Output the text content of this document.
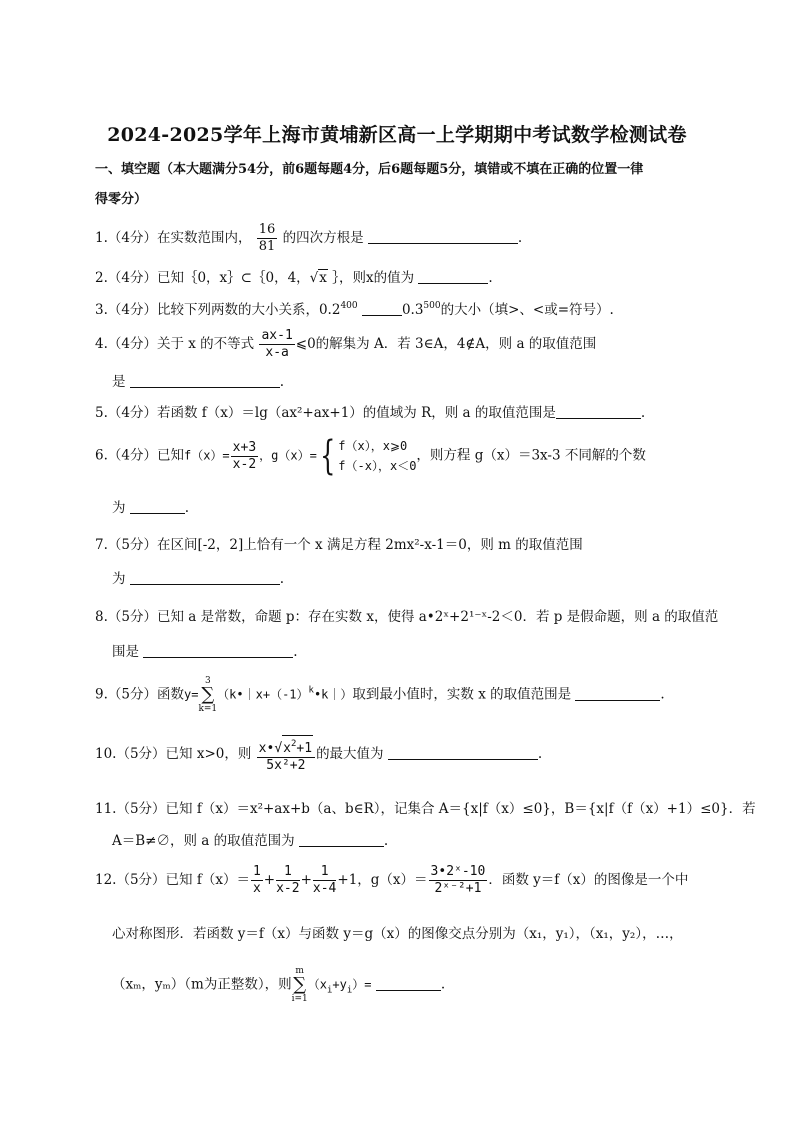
2024-2025学年上海市黄埔新区高一上学期期中考试数学检测试卷
一、填空题（本大题满分54分，前6题每题4分，后6题每题5分，填错或不填在正确的位置一律
得零分）
1.（4分）在实数范围内， $\frac{16}{81}$ 的四次方根是	.
2.（4分）已知｛0，x｝⊂｛0，4，√x ｝，则x的值为	.
3.（4分）比较下列两数的大小关系，$0.2^{400}$	$0.3^{500}$的大小（填>、<或=符号）.
4.（4分）关于 x 的不等式 $\frac{ax-1}{x-a}$ ⩽0的解集为 A．若 3∈A，4∉A，则 a 的取值范围
是	.
5.（4分）若函数 f（x）＝lg（ax²+ax+1）的值域为 R，则 a 的取值范围是	.
6.（4分）已知$f(x)= \frac{x+3}{x-2}$ ，g（x）={ f（x），x⩾0
f（-x），x＜0
，则方程 g（x）＝3x-3 不同解的个数
为	.
7.（5分）在区间[-2，2]上恰有一个 x 满足方程 2mx²-x-1＝0，则 m 的取值范围
为	.
8.（5分）已知 a 是常数，命题 p：存在实数 x，使得 a•2ˣ+2¹⁻ˣ-2＜0．若 p 是假命题，则 a 的取值范
围是	.
9.（5分）函数y=3
∑
$k=1(k•|x+(-1)^k•k|)$取到最小值时，实数 x 的取值范围是	.
10.（5分）已知 x>0，则 $\frac{x•√x^2+1}{\text{5x²+2}}$ 的最大值为	.
11.（5分）已知 f（x）＝x²+ax+b（a、b∈R），记集合 A＝{x|f（x）≤0}，B＝{x|f（f（x）+1）≤0}．若
A＝B≠∅，则 a 的取值范围为	.
12.（5分）已知 $f(x)= \frac{1}{x} + \frac{1}{x-2} + \frac{1}{x-4} +1$，$g(x)= \frac{\text{3•2ˣ-10}}{\text{2ˣ⁻²+1}}$ ．函数 y＝f（x）的图像是一个中
心对称图形．若函数 y＝f（x）与函数 y＝g（x）的图像交点分别为（x₁，y₁），（x₁，y₂），…，
（xₘ，yₘ）（m为正整数），则m
∑
$i=1(x_i+y_i)=$	.
